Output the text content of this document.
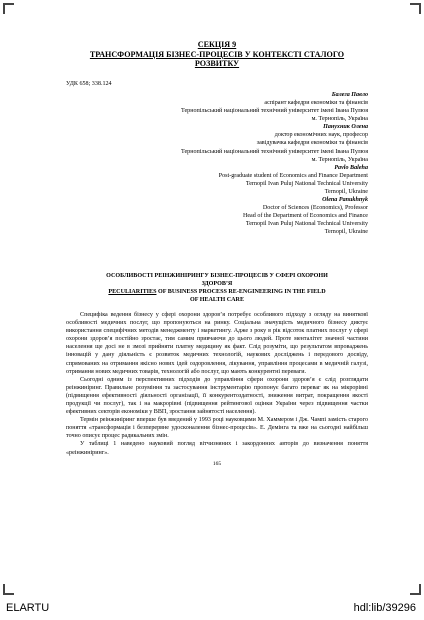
СЕКЦІЯ 9
ТРАНСФОРМАЦІЯ БІЗНЕС-ПРОЦЕСІВ У КОНТЕКСТІ СТАЛОГО
РОЗВИТКУ
УДК 658; 338.124
Балега Павло
аспірант кафедри економіки та фінансів
Тернопільський національний технічний університет імені Івана Пулюя
м. Тернопіль, Україна
Панухник Олена
доктор економічних наук, професор
завідувачка кафедри економіки та фінансів
Тернопільський національний технічний університет імені Івана Пулюя
м. Тернопіль, Україна
Pavlo Baleha
Post-graduate student of Economics and Finance Department
Ternopil Ivan Puluj National Technical University
Ternopil, Ukraine
Olena Panukhnyk
Doctor of Sciences (Economics), Professor
Head of the Department of Economics and Finance
Ternopil Ivan Puluj National Technical University
Ternopil, Ukraine
ОСОБЛИВОСТІ РЕІНЖИНІРИНГУ БІЗНЕС-ПРОЦЕСІВ У СФЕРІ ОХОРОНИ
ЗДОРОВ’Я
PECULIARITIES OF BUSINESS PROCESS RE-ENGINEERING IN THE FIELD
OF HEALTH CARE

Специфіка ведення бізнесу у сфері охорони здоров’я потребує особливого підходу з огляду на винятковї особливості медичних послуг, що пропонуються на ринку. Соціальна значущість медичного бізнесу диктує використання специфічних методів менеджменту і маркетингу. Адже з року в рік відсоток платних послуг у сфері охорони здоров’я постійно зростає, тим самим привчаючи до цього людей. Проте менталітет значної частини населення ще досі не в змозі прийняти платну медицину як факт. Слід розуміти, що результатом впроваджень інновацій у дану діяльність є розвиток медичних технологій, наукових досліджень і передового досвіду, спрямованих на отримання якісно нових ідей оздоровлення, лікування, управління процесами в медичній галузі, отримання нових медичних товарів, технологій або послуг, що мають конкурентні переваги.

Сьогодні одним із перспективних підходів до управління сфери охорони здоров’я є слід розглядати реінжиніринг. Правильне розуміння та застосування інструментарію пропонує багато переваг як на мікрорівні (підвищення ефективності діяльності організації, її конкурентоздатності, зниження витрат, покращення якості продукції чи послуг), так і на макрорівні (підвищення рейтингової оцінки України через підвищення частки ефективних секторів економіки у ВВП, зростання зайнятості населення).

Термін реінжиніринг вперше був введений у 1993 році науковцями М. Хаммером і Дж. Чампі замість старого поняття «трансформація і безперервне удосконалення бізнес-процесів». Е. Демінга та вже на сьогодні найбільш точно описує процес радикальних змін.

У таблиці 1 наведено науковий погляд вітчизняних і закордонних авторів до визначення поняття «реінжиніринг».

165
ELARTU	hdl:lib/39296
